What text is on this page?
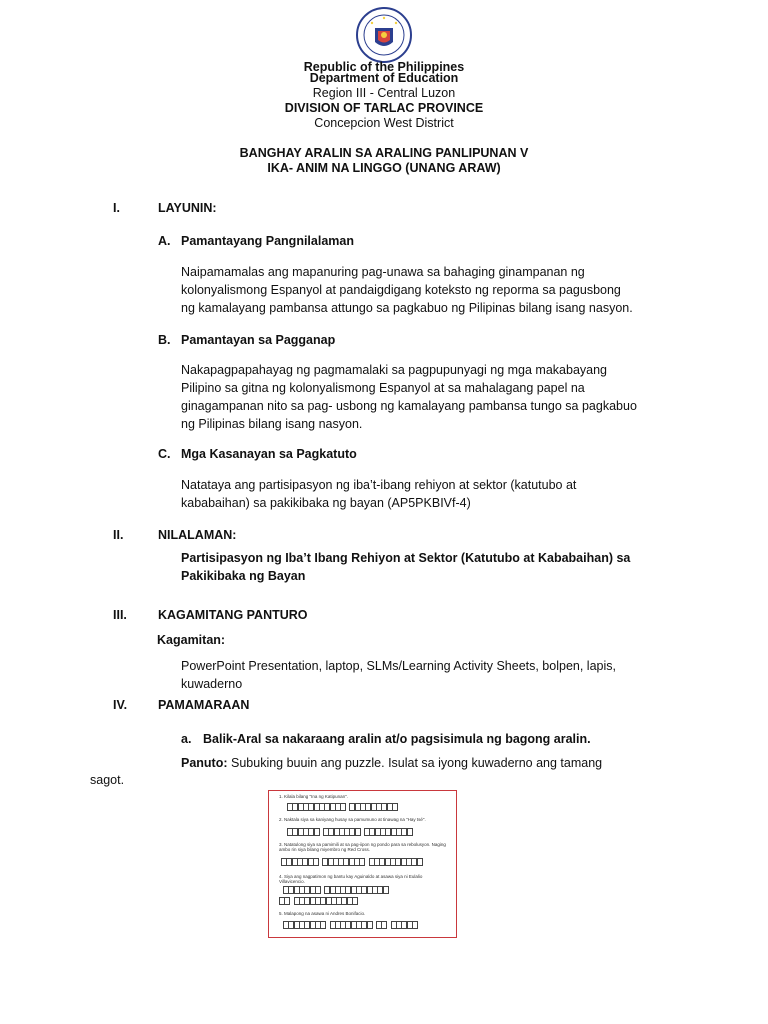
Republic of the Philippines
Department of Education
Region III - Central Luzon
DIVISION OF TARLAC PROVINCE
Concepcion West District
BANGHAY ARALIN SA ARALING PANLIPUNAN V
IKA- ANIM NA LINGGO (UNANG ARAW)
I.	LAYUNIN:
A. Pamantayang Pangnilalaman
Naipamamalas ang mapanuring pag-unawa sa bahaging ginampanan ng
kolonyalismong Espanyol at pandaigdigang koteksto ng reporma sa pagusbong
ng kamalayang pambansa attungo sa pagkabuo ng Pilipinas bilang isang nasyon.
B. Pamantayan sa Pagganap
Nakapagpapahayag ng pagmamalaki sa pagpupunyagi ng mga makabayang
Pilipino sa gitna ng kolonyalismong Espanyol at sa mahalagang papel na
ginagampanan nito sa pag- usbong ng kamalayang pambansa tungo sa pagkabuo
ng Pilipinas bilang isang nasyon.
C. Mga Kasanayan sa Pagkatuto
Natataya ang partisipasyon ng iba’t-ibang rehiyon at sektor (katutubo at
kababaihan) sa pakikibaka ng bayan (AP5PKBIVf-4)
II.	NILALAMAN:
Partisipasyon ng Iba’t Ibang Rehiyon at Sektor (Katutubo at Kababaihan) sa
Pakikibaka ng Bayan
III. KAGAMITANG PANTURO
Kagamitan:
PowerPoint Presentation, laptop, SLMs/Learning Activity Sheets, bolpen, lapis,
kuwaderno
IV. PAMAMARAAN
a. Balik-Aral sa nakaraang aralin at/o pagsisimula ng bagong aralin.
Panuto: Subuking buuin ang puzzle. Isulat sa iyong kuwaderno ang tamang
sagot.
1. Kilala bilang "Ina ng Katipunan".
2. Naktala siya sa kaniyang husay sa pamumuno at tinawag na "Hay tsé".
3. Natatulong siya sa pamimili at sa pag-iipon ng pondo para sa rebolusyon. Naging ambo rin siya bilang miyembro ng Red Cross.
4. Siya ang nagpatimon ng bantu kay Aguinaldo at asawa siya ni Eulalio Villavicencio.
5. Malapong na asawa ni Andres Bonifacio.
